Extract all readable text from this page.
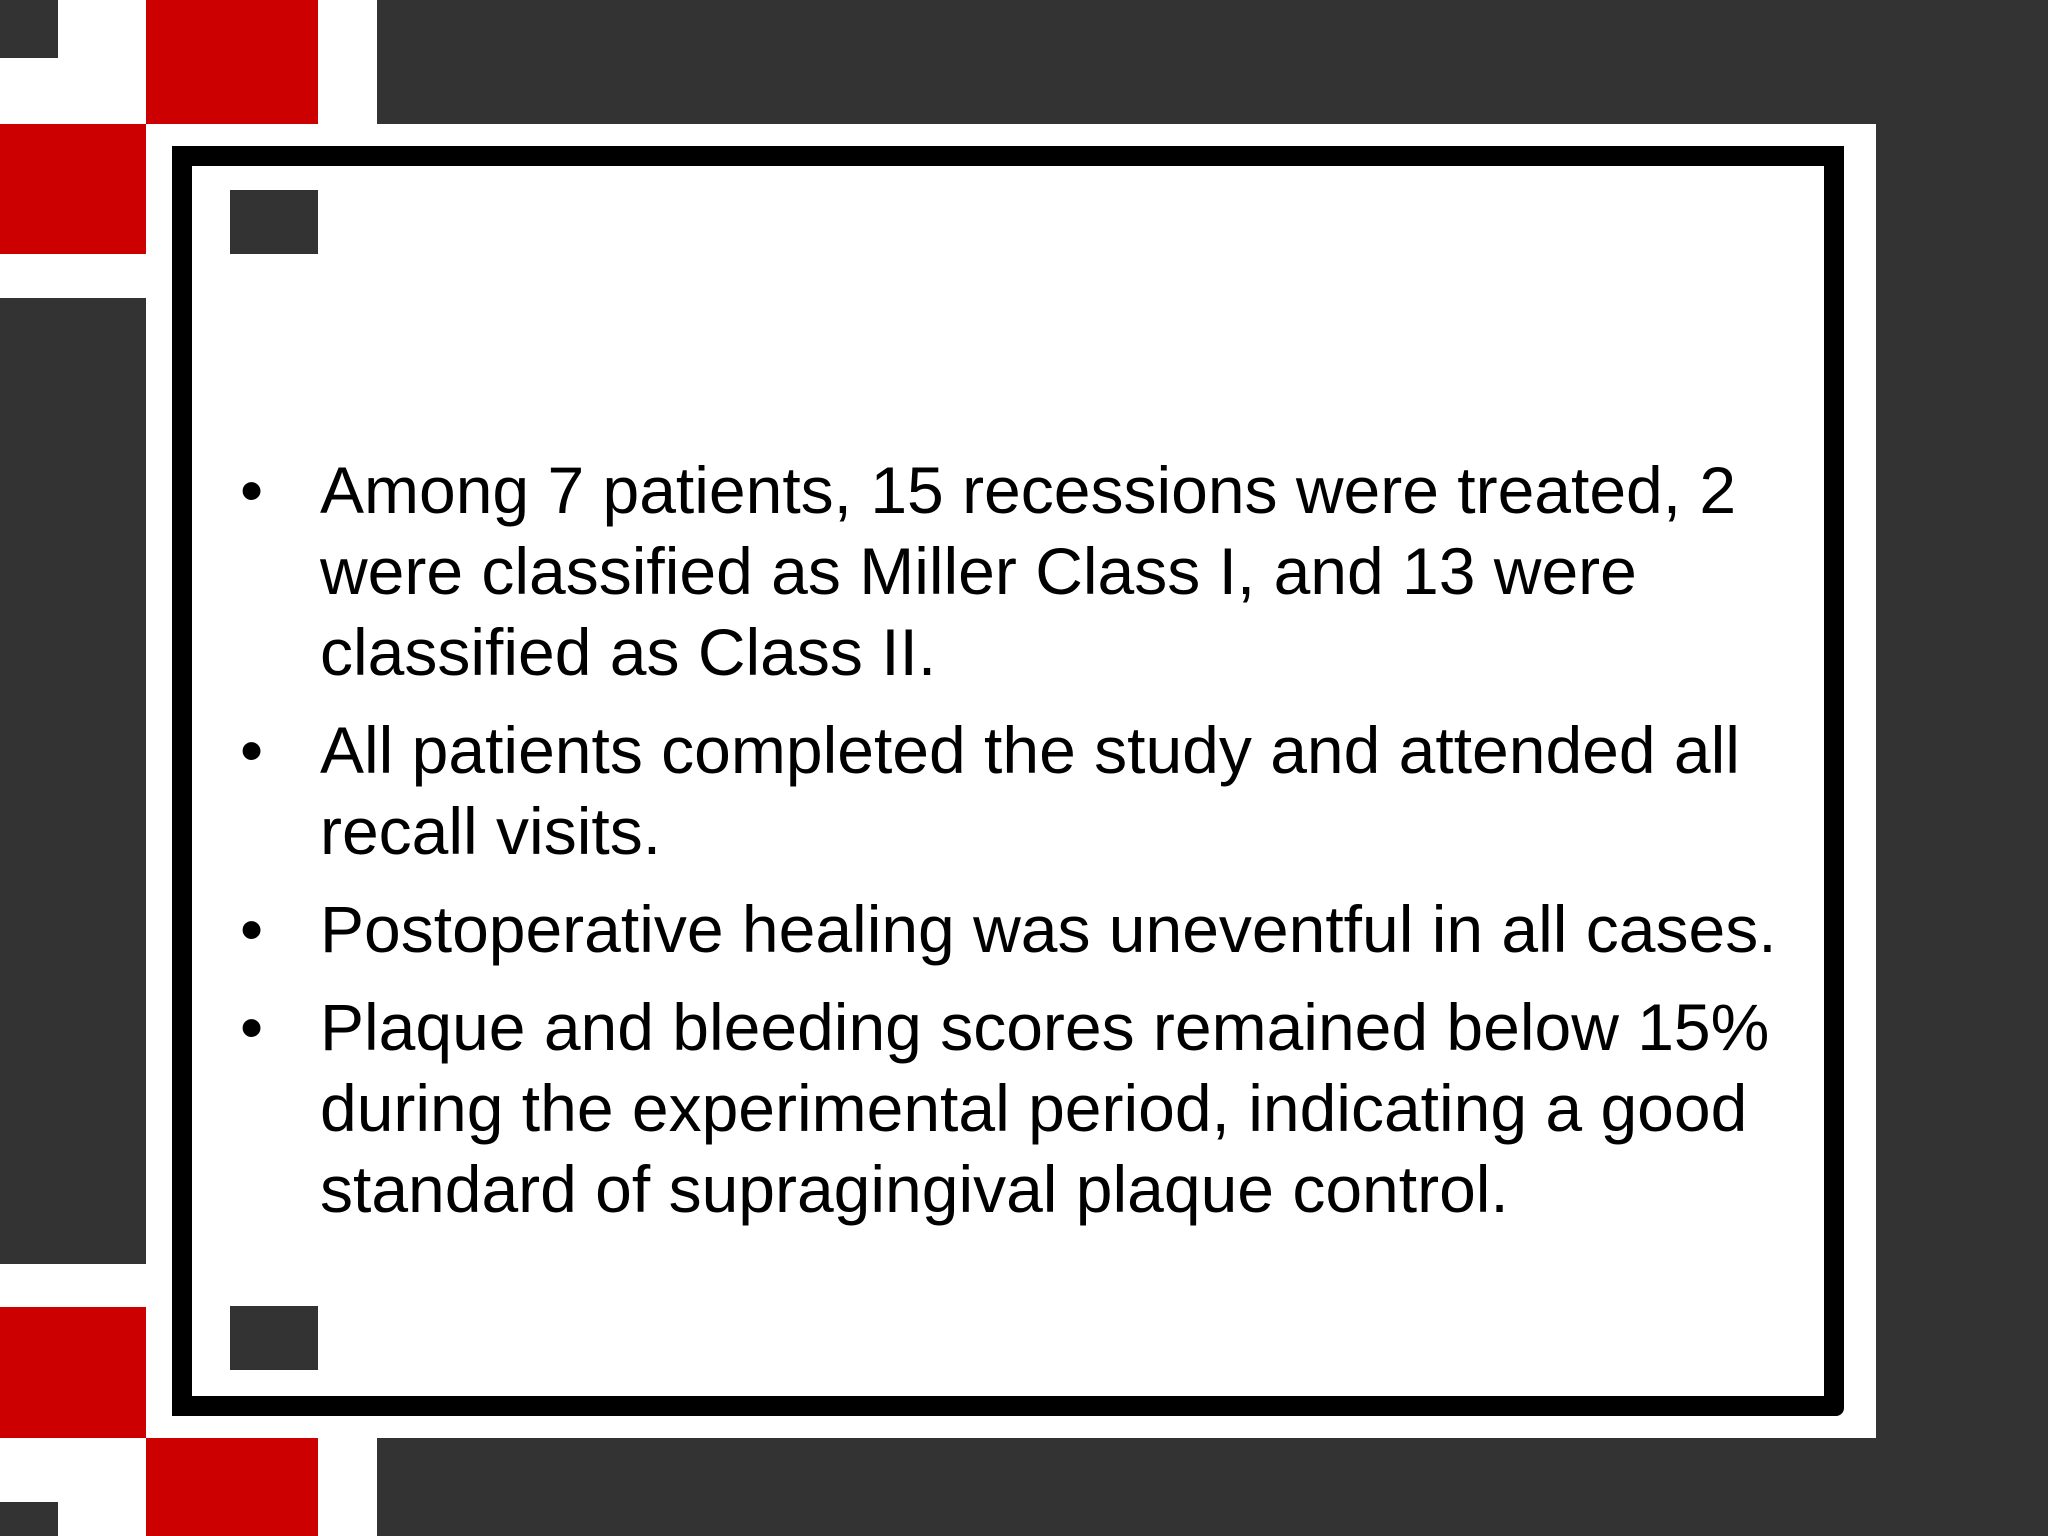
• Among 7 patients, 15 recessions were treated, 2 were classified as Miller Class I, and 13 were classified as Class II.
• All patients completed the study and attended all recall visits.
• Postoperative healing was uneventful in all cases.
• Plaque and bleeding scores remained below 15% during the experimental period, indicating a good standard of supragingival plaque control.
